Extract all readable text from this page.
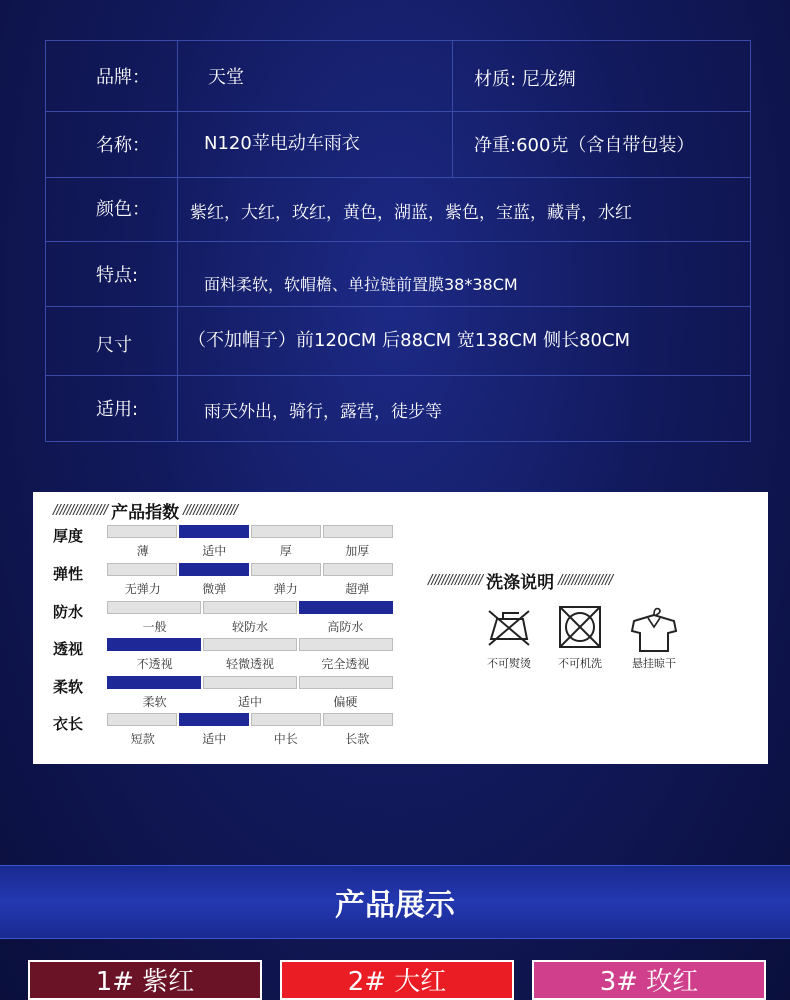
品牌：	天堂	材质: 尼龙绸
名称：	N120苹电动车雨衣	净重:600克（含自带包装）
颜色：	紫红，大红，玫红，黄色，湖蓝，紫色，宝蓝，藏青，水红
特点:	面料柔软，软帽檐、单拉链前置膜38*38CM
尺寸	（不加帽子）前120CM 后88CM 宽138CM 侧长80CM
适用:	雨天外出，骑行，露营，徒步等
//////////////// 产品指数 ////////////////
厚度
薄	适中	厚	加厚
弹性
无弹力	微弹	弹力	超弹
防水
一般	较防水	高防水
透视
不透视	轻微透视	完全透视
柔软
柔软	适中	偏硬
衣长
短款	适中	中长	长款
//////////////// 洗涤说明 ////////////////
不可熨烫	不可机洗	悬挂晾干
产品展示
1# 紫红	2# 大红	3# 玫红
